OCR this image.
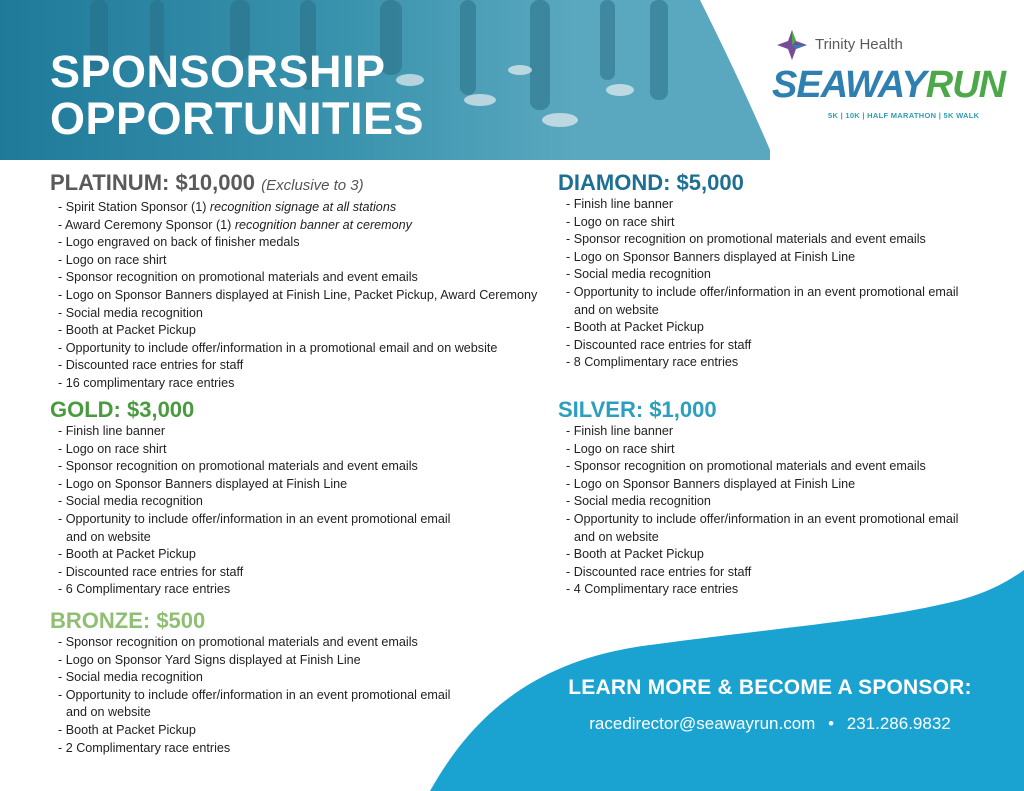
SPONSORSHIP
OPPORTUNITIES
Trinity Health
SEAWAYRUN
5K | 10K | HALF MARATHON | 5K WALK
PLATINUM: $10,000 (Exclusive to 3)
- Spirit Station Sponsor (1) recognition signage at all stations
- Award Ceremony Sponsor (1) recognition banner at ceremony
- Logo engraved on back of finisher medals
- Logo on race shirt
- Sponsor recognition on promotional materials and event emails
- Logo on Sponsor Banners displayed at Finish Line, Packet Pickup, Award Ceremony
- Social media recognition
- Booth at Packet Pickup
- Opportunity to include offer/information in a promotional email and on website
- Discounted race entries for staff
- 16 complimentary race entries
DIAMOND: $5,000
- Finish line banner
- Logo on race shirt
- Sponsor recognition on promotional materials and event emails
- Logo on Sponsor Banners displayed at Finish Line
- Social media recognition
- Opportunity to include offer/information in an event promotional email and on website
- Booth at Packet Pickup
- Discounted race entries for staff
- 8 Complimentary race entries
GOLD: $3,000
- Finish line banner
- Logo on race shirt
- Sponsor recognition on promotional materials and event emails
- Logo on Sponsor Banners displayed at Finish Line
- Social media recognition
- Opportunity to include offer/information in an event promotional email and on website
- Booth at Packet Pickup
- Discounted race entries for staff
- 6 Complimentary race entries
SILVER: $1,000
- Finish line banner
- Logo on race shirt
- Sponsor recognition on promotional materials and event emails
- Logo on Sponsor Banners displayed at Finish Line
- Social media recognition
- Opportunity to include offer/information in an event promotional email and on website
- Booth at Packet Pickup
- Discounted race entries for staff
- 4 Complimentary race entries
BRONZE: $500
- Sponsor recognition on promotional materials and event emails
- Logo on Sponsor Yard Signs displayed at Finish Line
- Social media recognition
- Opportunity to include offer/information in an event promotional email and on website
- Booth at Packet Pickup
- 2 Complimentary race entries
LEARN MORE & BECOME A SPONSOR:
racedirector@seawayrun.com • 231.286.9832
